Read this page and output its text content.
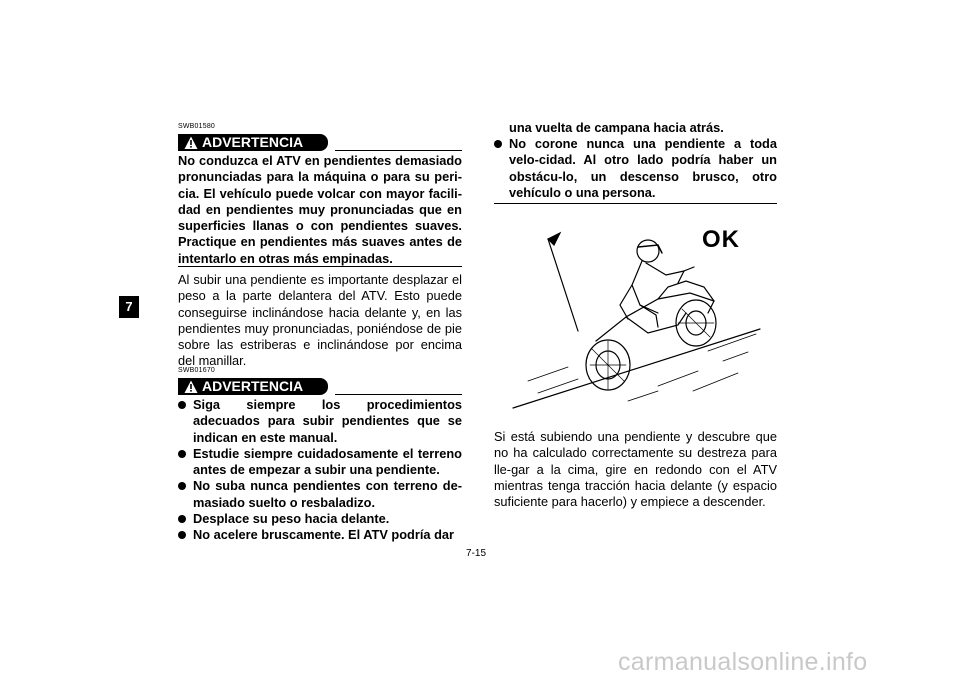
7
SWB01580
ADVERTENCIA
No conduzca el ATV en pendientes demasiado pronunciadas para la máquina o para su peri-cia. El vehículo puede volcar con mayor facili-dad en pendientes muy pronunciadas que en superficies llanas o con pendientes suaves. Practique en pendientes más suaves antes de intentarlo en otras más empinadas.
Al subir una pendiente es importante desplazar el peso a la parte delantera del ATV. Esto puede conseguirse inclinándose hacia delante y, en las pendientes muy pronunciadas, poniéndose de pie sobre las estriberas e inclinándose por encima del manillar.
SWB01670
ADVERTENCIA
Siga siempre los procedimientos adecuados para subir pendientes que se indican en este manual.
Estudie siempre cuidadosamente el terreno antes de empezar a subir una pendiente.
No suba nunca pendientes con terreno de-masiado suelto o resbaladizo.
Desplace su peso hacia delante.
No acelere bruscamente. El ATV podría dar
una vuelta de campana hacia atrás.
No corone nunca una pendiente a toda velo-cidad. Al otro lado podría haber un obstácu-lo, un descenso brusco, otro vehículo o una persona.
OK
Si está subiendo una pendiente y descubre que no ha calculado correctamente su destreza para lle-gar a la cima, gire en redondo con el ATV mientras tenga tracción hacia delante (y espacio suficiente para hacerlo) y empiece a descender.
7-15
carmanualsonline.info
